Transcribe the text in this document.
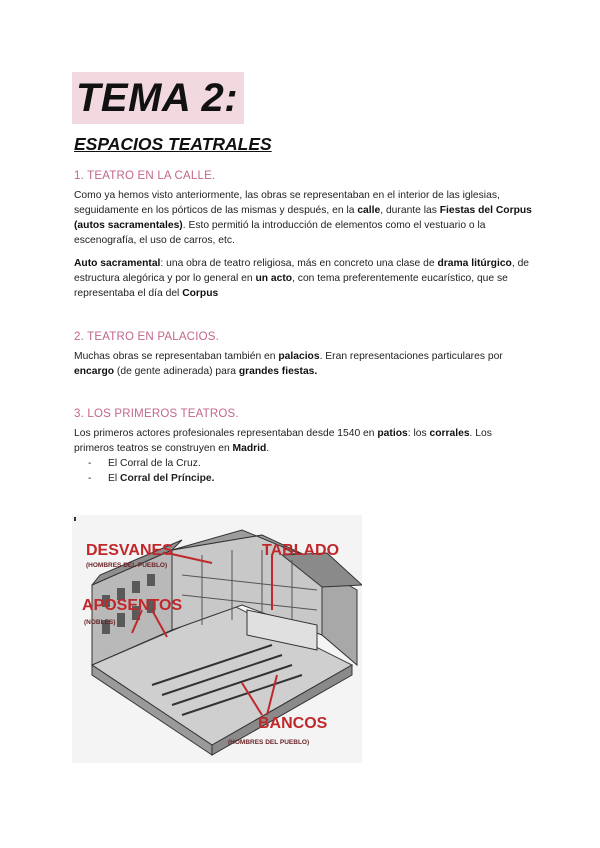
TEMA 2:
ESPACIOS TEATRALES
1. TEATRO EN LA CALLE.
Como ya hemos visto anteriormente, las obras se representaban en el interior de las iglesias, seguidamente en los pórticos de las mismas y después, en la calle, durante las Fiestas del Corpus (autos sacramentales). Esto permitió la introducción de elementos como el vestuario o la escenografía, el uso de carros, etc.
Auto sacramental: una obra de teatro religiosa, más en concreto una clase de drama litúrgico, de estructura alegórica y por lo general en un acto, con tema preferentemente eucarístico, que se representaba el día del Corpus
2. TEATRO EN PALACIOS.
Muchas obras se representaban también en palacios. Eran representaciones particulares por encargo (de gente adinerada) para grandes fiestas.
3. LOS PRIMEROS TEATROS.
Los primeros actores profesionales representaban desde 1540 en patios: los corrales. Los primeros teatros se construyen en Madrid.
- El Corral de la Cruz.
- El Corral del Príncipe.
DESVANES
(HOMBRES DEL PUEBLO)
TABLADO
APOSENTOS
(NOBLES)
BANCOS
(HOMBRES DEL PUEBLO)
